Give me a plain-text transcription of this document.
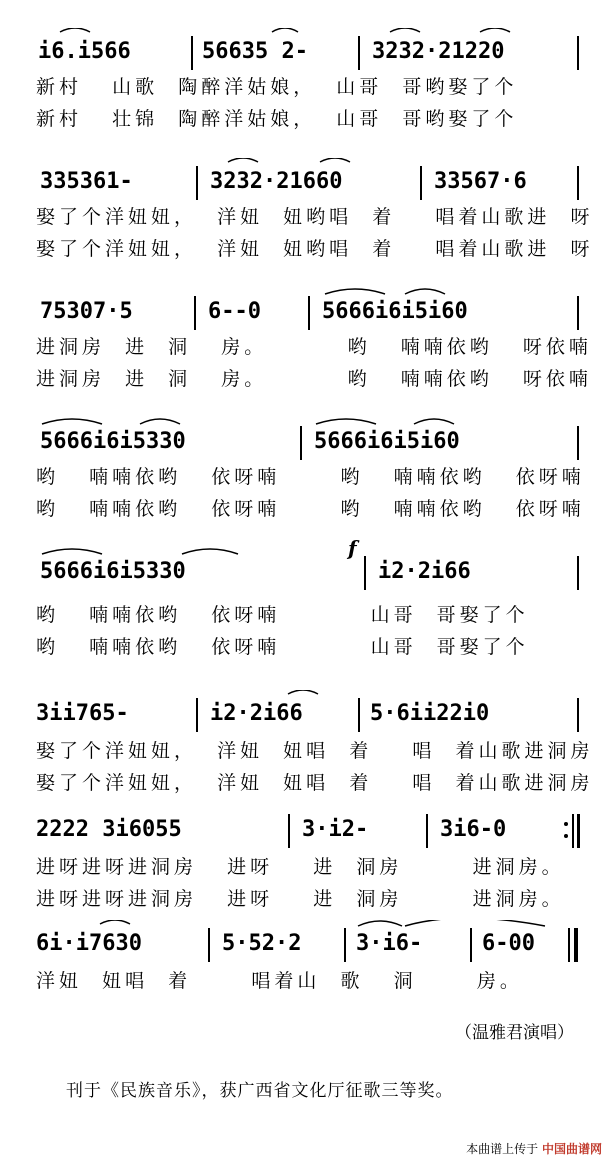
i6.i566	56635 2-	3232·21220
新村   山歌  陶醉洋姑娘，  山哥  哥哟娶了个
新村   壮锦  陶醉洋姑娘，  山哥  哥哟娶了个
335361-	3232·21660	33567·6
娶了个洋妞妞，  洋妞  妞哟唱  着    唱着山歌进  呀
娶了个洋妞妞，  洋妞  妞哟唱  着    唱着山歌进  呀
75307·5	6--0	5666i6i5i60
进洞房  进  洞   房。        哟   喃喃依哟   呀依喃
进洞房  进  洞   房。        哟   喃喃依哟   呀依喃
5666i6i5330	5666i6i5i60
哟   喃喃依哟   依呀喃      哟   喃喃依哟   依呀喃
哟   喃喃依哟   依呀喃      哟   喃喃依哟   依呀喃
f
5666i6i5330	i2·2i66
哟   喃喃依哟   依呀喃         山哥  哥娶了个
哟   喃喃依哟   依呀喃         山哥  哥娶了个
3ii765-	i2·2i66	5·6ii22i0
娶了个洋妞妞，  洋妞  妞唱  着    唱  着山歌进洞房
娶了个洋妞妞，  洋妞  妞唱  着    唱  着山歌进洞房
2222 3i6055	3·i2-	3i6-0
进呀进呀进洞房   进呀    进  洞房       进洞房。
进呀进呀进洞房   进呀    进  洞房       进洞房。
6i·i7630	5·52·2 3·i6-	6-00
洋妞  妞唱  着      唱着山  歌   洞      房。
（温雅君演唱）
刊于《民族音乐》，获广西省文化厅征歌三等奖。
本曲谱上传于 中国曲谱网
